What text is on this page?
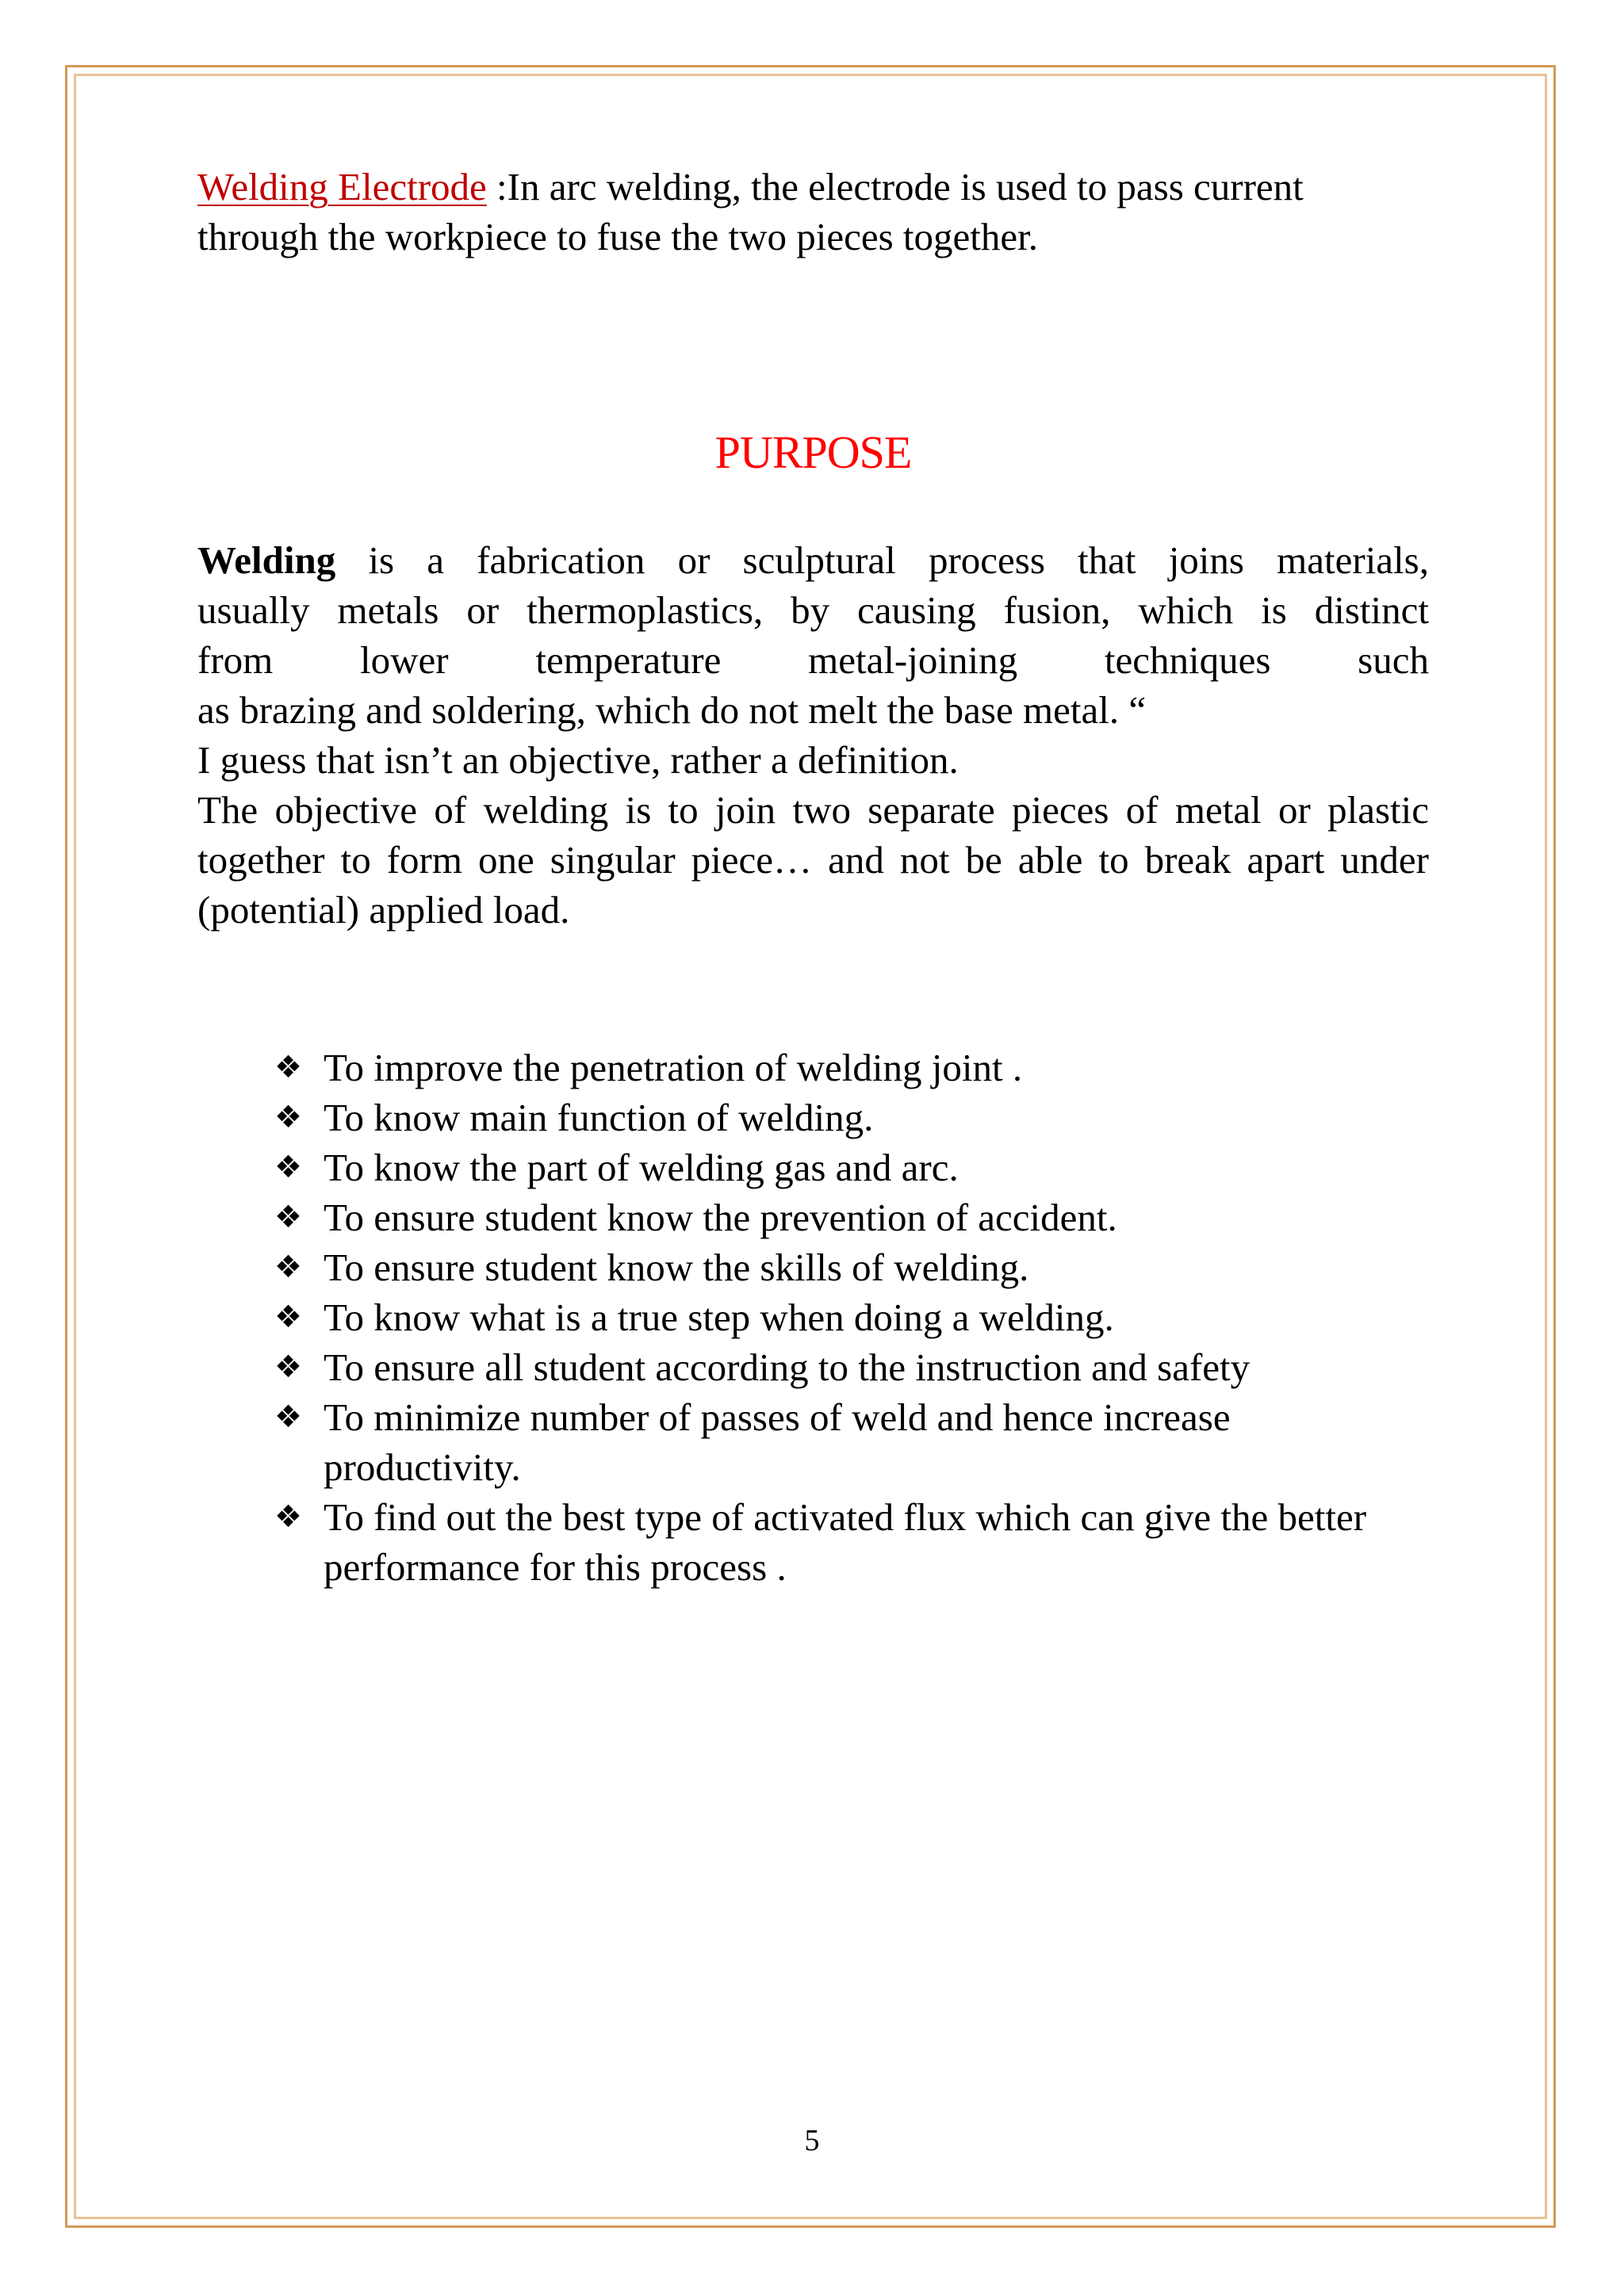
Welding Electrode :In arc welding, the electrode is used to pass current through the workpiece to fuse the two pieces together.

PURPOSE

Welding is a fabrication or sculptural process that joins materials,

usually metals or thermoplastics, by causing fusion, which is distinct

from lower temperature metal-joining techniques such

as brazing and soldering, which do not melt the base metal. “

I guess that isn’t an objective, rather a definition.

The objective of welding is to join two separate pieces of metal or plastic together to form one singular piece… and not be able to break apart under (potential) applied load.

❖ To improve the penetration of welding joint .
❖ To know main function of welding.
❖ To know the part of welding gas and arc.
❖ To ensure student know the prevention of accident.
❖ To ensure student know the skills of welding.
❖ To know what is a true step when doing a welding.
❖ To ensure all student according to the instruction and safety
❖ To minimize number of passes of weld and hence increase productivity.
❖ To find out the best type of activated flux which can give the better performance for this process .
5
